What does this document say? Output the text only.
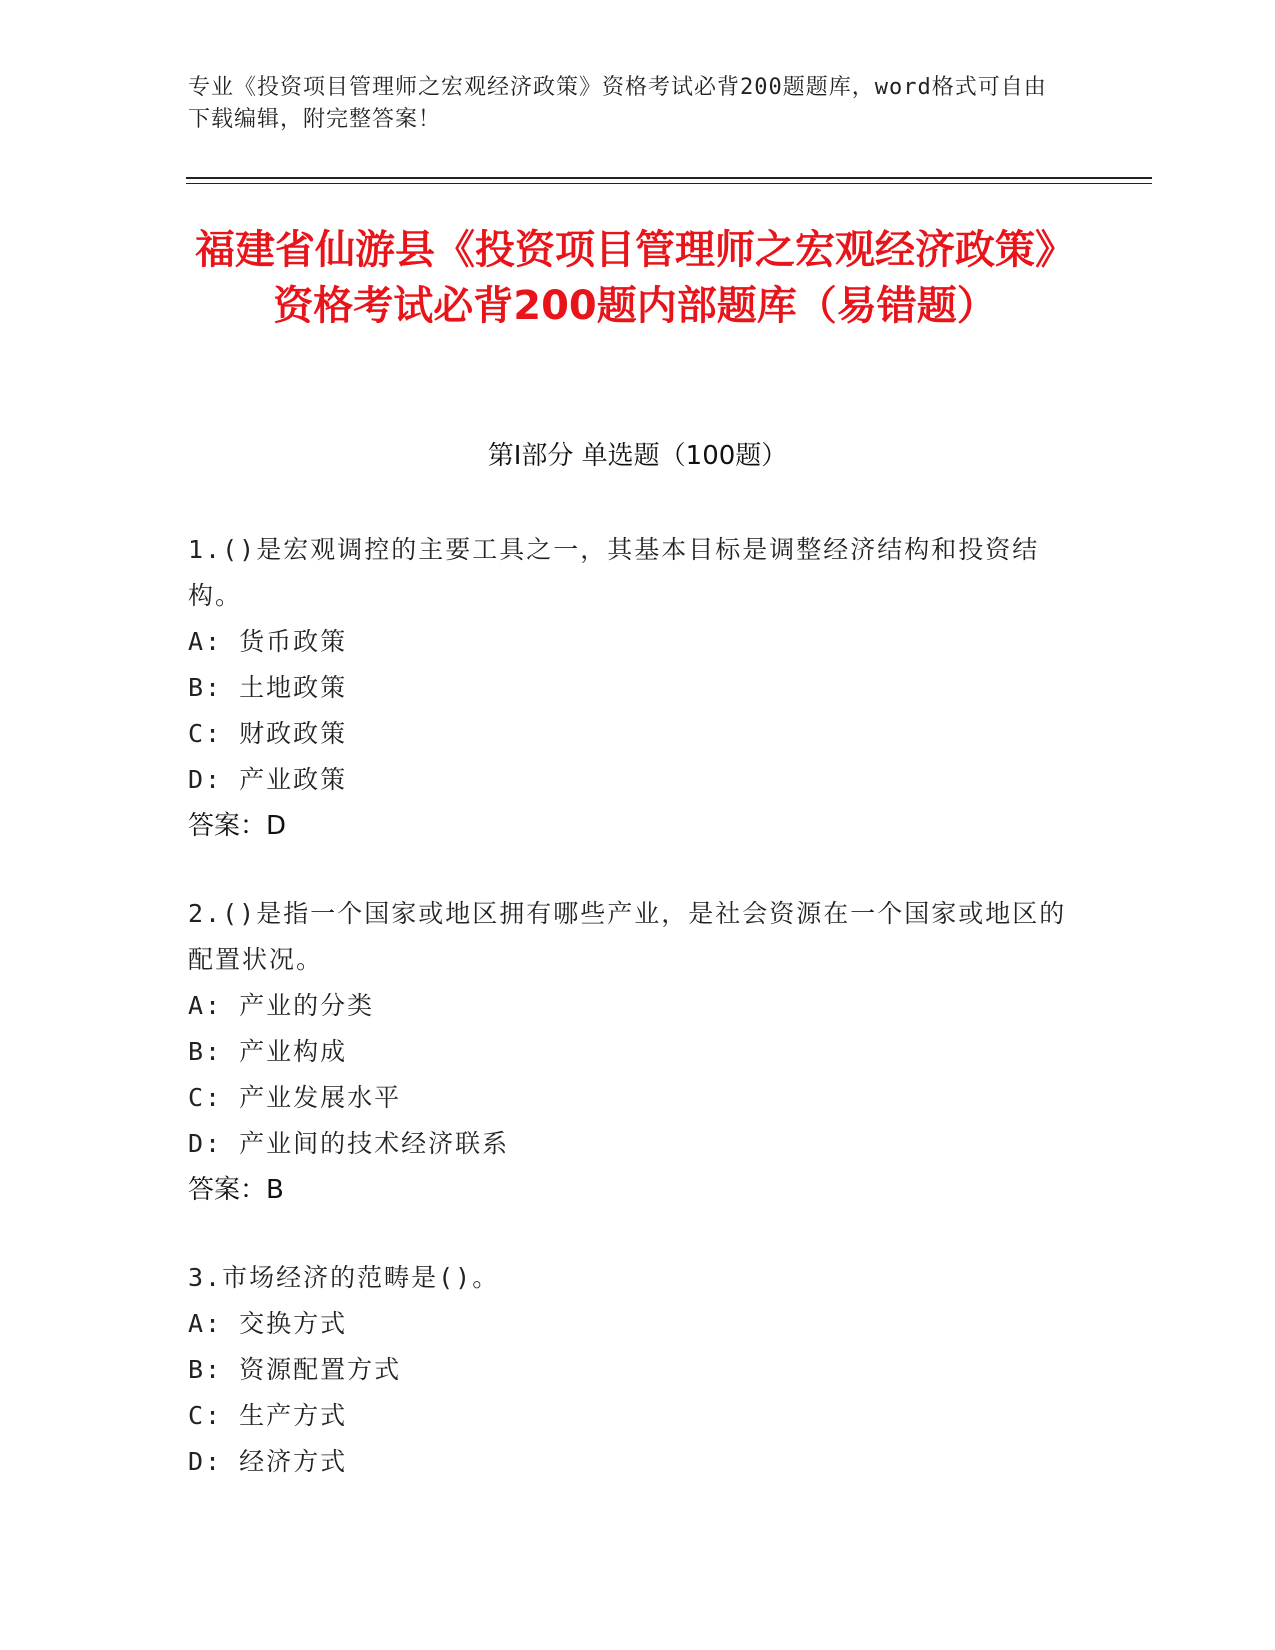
专业《投资项目管理师之宏观经济政策》资格考试必背200题题库，word格式可自由下载编辑，附完整答案！
福建省仙游县《投资项目管理师之宏观经济政策》资格考试必背200题内部题库（易错题）
第I部分 单选题（100题）
1.()是宏观调控的主要工具之一，其基本目标是调整经济结构和投资结构。
A: 货币政策
B: 土地政策
C: 财政政策
D: 产业政策
答案：D
2.()是指一个国家或地区拥有哪些产业，是社会资源在一个国家或地区的配置状况。
A: 产业的分类
B: 产业构成
C: 产业发展水平
D: 产业间的技术经济联系
答案：B
3.市场经济的范畴是()。
A: 交换方式
B: 资源配置方式
C: 生产方式
D: 经济方式
